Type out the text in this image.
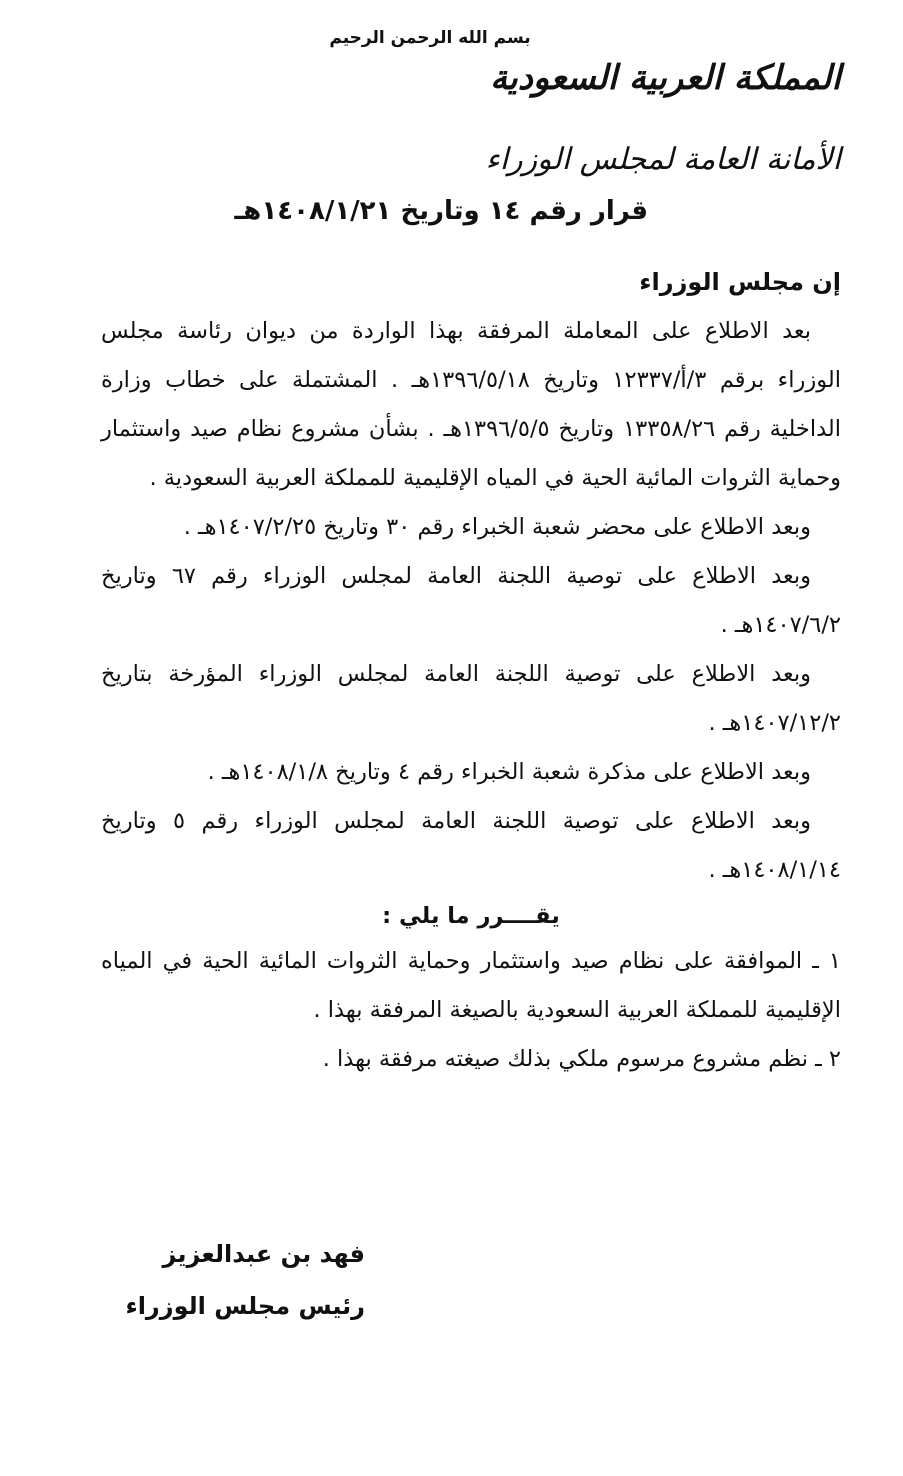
بسم الله الرحمن الرحيم
المملكة العربية السعودية
الأمانة العامة لمجلس الوزراء
قرار رقم ١٤ وتاريخ ١٤٠٨/١/٢١هـ

إن مجلس الوزراء

بعد الاطلاع على المعاملة المرفقة بهذا الواردة من ديوان رئاسة مجلس الوزراء برقم ٣/أ/١٢٣٣٧ وتاريخ ١٣٩٦/٥/١٨هـ . المشتملة على خطاب وزارة الداخلية رقم ١٣٣٥٨/٢٦ وتاريخ ١٣٩٦/٥/٥هـ . بشأن مشروع نظام صيد واستثمار وحماية الثروات المائية الحية في المياه الإقليمية للمملكة العربية السعودية .

وبعد الاطلاع على محضر شعبة الخبراء رقم ٣٠ وتاريخ ١٤٠٧/٢/٢٥هـ .

وبعد الاطلاع على توصية اللجنة العامة لمجلس الوزراء رقم ٦٧ وتاريخ ١٤٠٧/٦/٢هـ .

وبعد الاطلاع على توصية اللجنة العامة لمجلس الوزراء المؤرخة بتاريخ ١٤٠٧/١٢/٢هـ .

وبعد الاطلاع على مذكرة شعبة الخبراء رقم ٤ وتاريخ ١٤٠٨/١/٨هـ .

وبعد الاطلاع على توصية اللجنة العامة لمجلس الوزراء رقم ٥ وتاريخ ١٤٠٨/١/١٤هـ .

يقــــرر ما يلي :

١ ـ الموافقة على نظام صيد واستثمار وحماية الثروات المائية الحية في المياه الإقليمية للمملكة العربية السعودية بالصيغة المرفقة بهذا .

٢ ـ نظم مشروع مرسوم ملكي بذلك صيغته مرفقة بهذا .

فهد بن عبدالعزيز
رئيس مجلس الوزراء
